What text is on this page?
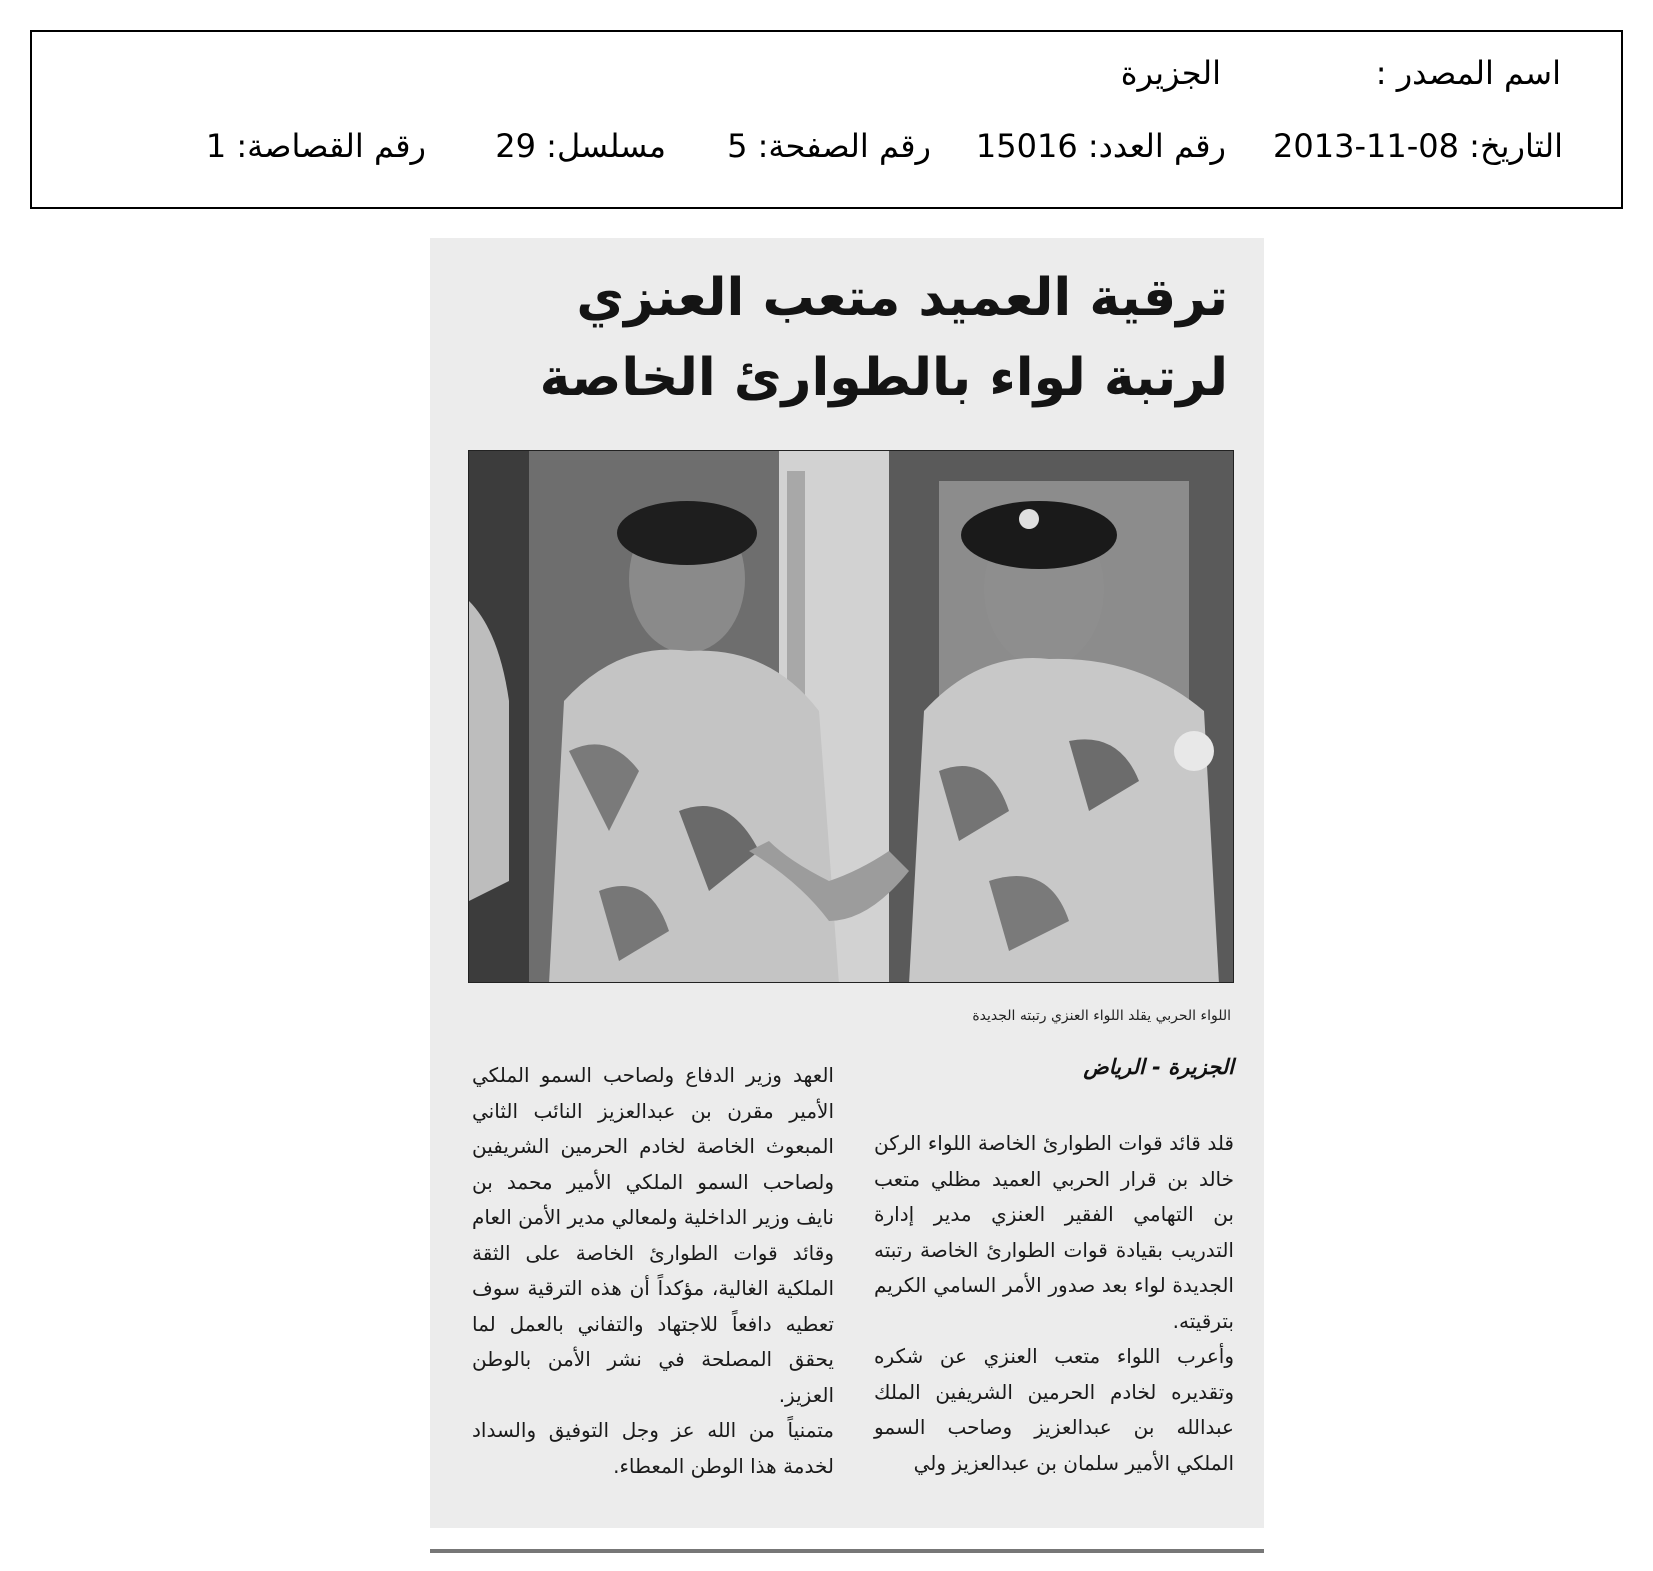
اسم المصدر :
الجزيرة
التاريخ: 08-11-2013
رقم العدد: 15016
رقم الصفحة: 5
مسلسل: 29
رقم القصاصة: 1
ترقية العميد متعب العنزي
لرتبة لواء بالطوارئ الخاصة
اللواء الحربي يقلد اللواء العنزي رتبته الجديدة
الجزيرة - الرياض

قلد قائد قوات الطوارئ الخاصة اللواء الركن خالد بن قرار الحربي العميد مظلي متعب بن التهامي الفقير العنزي مدير إدارة التدريب بقيادة قوات الطوارئ الخاصة رتبته الجديدة لواء بعد صدور الأمر السامي الكريم بترقيته.

وأعرب اللواء متعب العنزي عن شكره وتقديره لخادم الحرمين الشريفين الملك عبدالله بن عبدالعزيز وصاحب السمو الملكي الأمير سلمان بن عبدالعزيز ولي

العهد وزير الدفاع ولصاحب السمو الملكي الأمير مقرن بن عبدالعزيز النائب الثاني المبعوث الخاصة لخادم الحرمين الشريفين ولصاحب السمو الملكي الأمير محمد بن نايف وزير الداخلية ولمعالي مدير الأمن العام وقائد قوات الطوارئ الخاصة على الثقة الملكية الغالية، مؤكداً أن هذه الترقية سوف تعطيه دافعاً للاجتهاد والتفاني بالعمل لما يحقق المصلحة في نشر الأمن بالوطن العزيز.

متمنياً من الله عز وجل التوفيق والسداد لخدمة هذا الوطن المعطاء.
